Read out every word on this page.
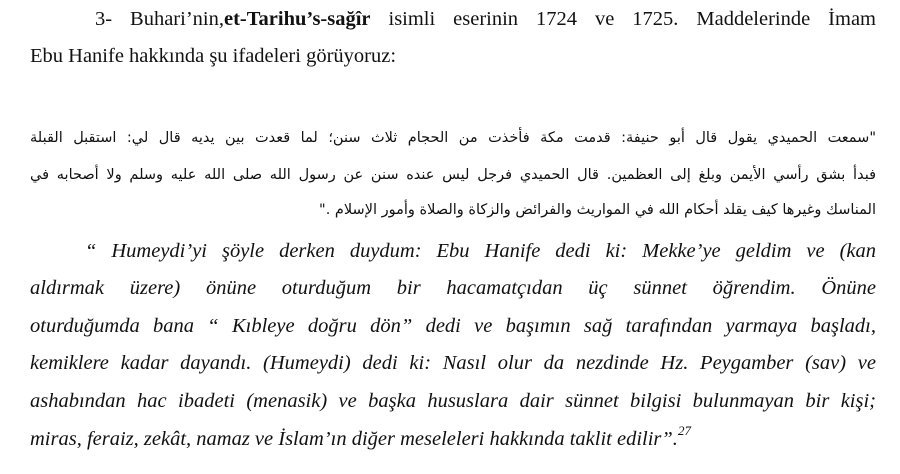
3- Buhari’nin,et-Tarihu’s-sağîr isimli eserinin 1724 ve 1725. Maddelerinde İmam
Ebu Hanife hakkında şu ifadeleri görüyoruz:
"سمعت الحميدي يقول قال أبو حنيفة: قدمت مكة فأخذت من الحجام ثلاث سنن؛ لما قعدت بين يديه قال لي: استقبل القبلة
فبدأ بشق رأسي الأيمن وبلغ إلى العظمين. قال الحميدي فرجل ليس عنده سنن عن رسول الله صلى الله عليه وسلم ولا أصحابه في
المناسك وغيرها كيف يقلد أحكام الله في المواريث والفرائض والزكاة والصلاة وأمور الإسلام ."
“ Humeydi’yi şöyle derken duydum: Ebu Hanife dedi ki: Mekke’ye geldim ve (kan
aldırmak üzere) önüne oturduğum bir hacamatçıdan üç sünnet öğrendim. Önüne
oturduğumda bana “ Kıbleye doğru dön” dedi ve başımın sağ tarafından yarmaya başladı,
kemiklere kadar dayandı. (Humeydi) dedi ki: Nasıl olur da nezdinde Hz. Peygamber (sav) ve
ashabından hac ibadeti (menasik) ve başka hususlara dair sünnet bilgisi bulunmayan bir kişi;
miras, feraiz, zekât, namaz ve İslam’ın diğer meseleleri hakkında taklit edilir”.$^{27}$
